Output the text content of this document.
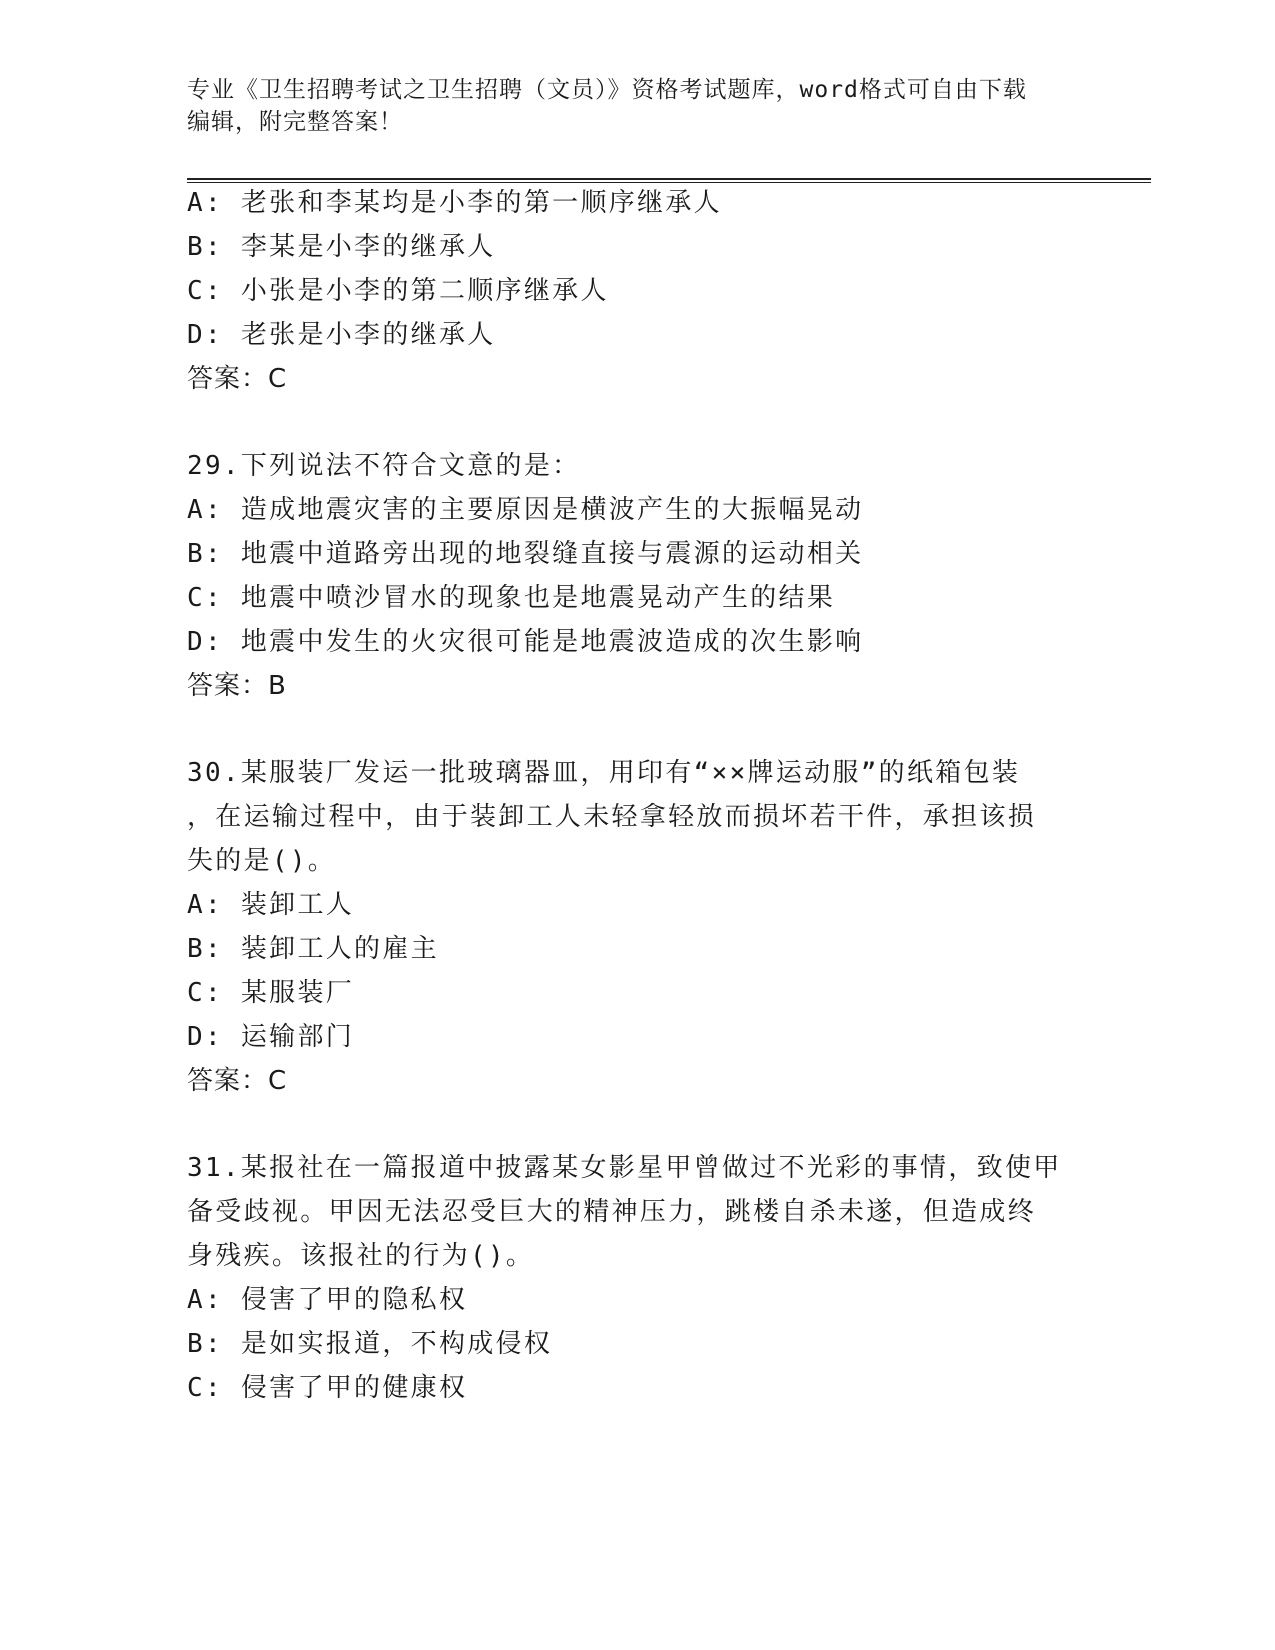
专业《卫生招聘考试之卫生招聘（文员）》资格考试题库，word格式可自由下载
编辑，附完整答案！
A: 老张和李某均是小李的第一顺序继承人
B: 李某是小李的继承人
C: 小张是小李的第二顺序继承人
D: 老张是小李的继承人
答案：C
29.下列说法不符合文意的是：
A: 造成地震灾害的主要原因是横波产生的大振幅晃动
B: 地震中道路旁出现的地裂缝直接与震源的运动相关
C: 地震中喷沙冒水的现象也是地震晃动产生的结果
D: 地震中发生的火灾很可能是地震波造成的次生影响
答案：B
30.某服装厂发运一批玻璃器皿，用印有“××牌运动服”的纸箱包装
，在运输过程中，由于装卸工人未轻拿轻放而损坏若干件，承担该损
失的是()。
A: 装卸工人
B: 装卸工人的雇主
C: 某服装厂
D: 运输部门
答案：C
31.某报社在一篇报道中披露某女影星甲曾做过不光彩的事情，致使甲
备受歧视。甲因无法忍受巨大的精神压力，跳楼自杀未遂，但造成终
身残疾。该报社的行为()。
A: 侵害了甲的隐私权
B: 是如实报道，不构成侵权
C: 侵害了甲的健康权
